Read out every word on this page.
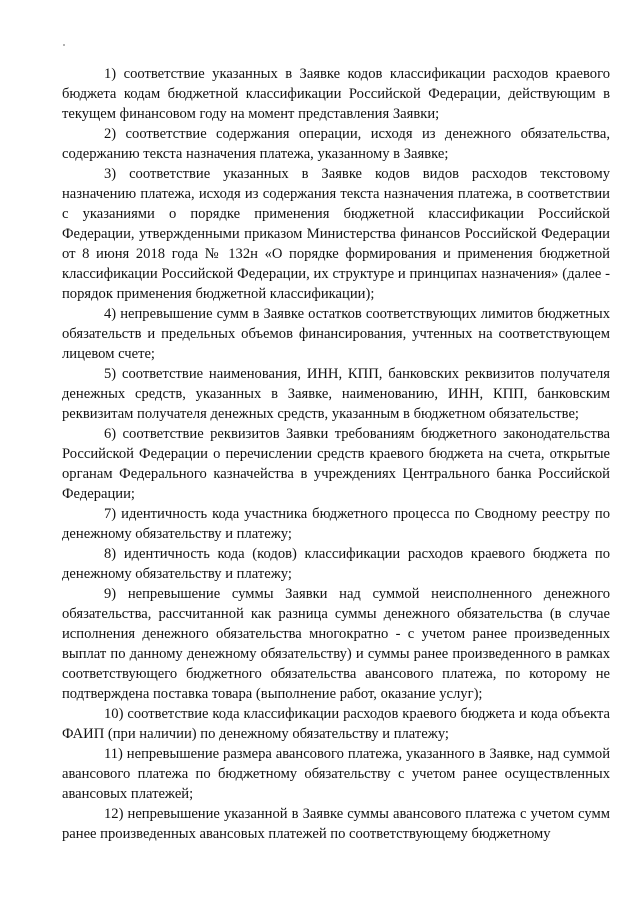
1) соответствие указанных в Заявке кодов классификации расходов краевого бюджета кодам бюджетной классификации Российской Федерации, действующим в текущем финансовом году на момент представления Заявки;

2) соответствие содержания операции, исходя из денежного обязательства, содержанию текста назначения платежа, указанному в Заявке;

3) соответствие указанных в Заявке кодов видов расходов текстовому назначению платежа, исходя из содержания текста назначения платежа, в соответствии с указаниями о порядке применения бюджетной классификации Российской Федерации, утвержденными приказом Министерства финансов Российской Федерации от 8 июня 2018 года № 132н «О порядке формирования и применения бюджетной классификации Российской Федерации, их структуре и принципах назначения» (далее - порядок применения бюджетной классификации);

4) непревышение сумм в Заявке остатков соответствующих лимитов бюджетных обязательств и предельных объемов финансирования, учтенных на соответствующем лицевом счете;

5) соответствие наименования, ИНН, КПП, банковских реквизитов получателя денежных средств, указанных в Заявке, наименованию, ИНН, КПП, банковским реквизитам получателя денежных средств, указанным в бюджетном обязательстве;

6) соответствие реквизитов Заявки требованиям бюджетного законодательства Российской Федерации о перечислении средств краевого бюджета на счета, открытые органам Федерального казначейства в учреждениях Центрального банка Российской Федерации;

7) идентичность кода участника бюджетного процесса по Сводному реестру по денежному обязательству и платежу;

8) идентичность кода (кодов) классификации расходов краевого бюджета по денежному обязательству и платежу;

9) непревышение суммы Заявки над суммой неисполненного денежного обязательства, рассчитанной как разница суммы денежного обязательства (в случае исполнения денежного обязательства многократно - с учетом ранее произведенных выплат по данному денежному обязательству) и суммы ранее произведенного в рамках соответствующего бюджетного обязательства авансового платежа, по которому не подтверждена поставка товара (выполнение работ, оказание услуг);

10) соответствие кода классификации расходов краевого бюджета и кода объекта ФАИП (при наличии) по денежному обязательству и платежу;

11) непревышение размера авансового платежа, указанного в Заявке, над суммой авансового платежа по бюджетному обязательству с учетом ранее осуществленных авансовых платежей;

12) непревышение указанной в Заявке суммы авансового платежа с учетом сумм ранее произведенных авансовых платежей по соответствующему бюджетному
